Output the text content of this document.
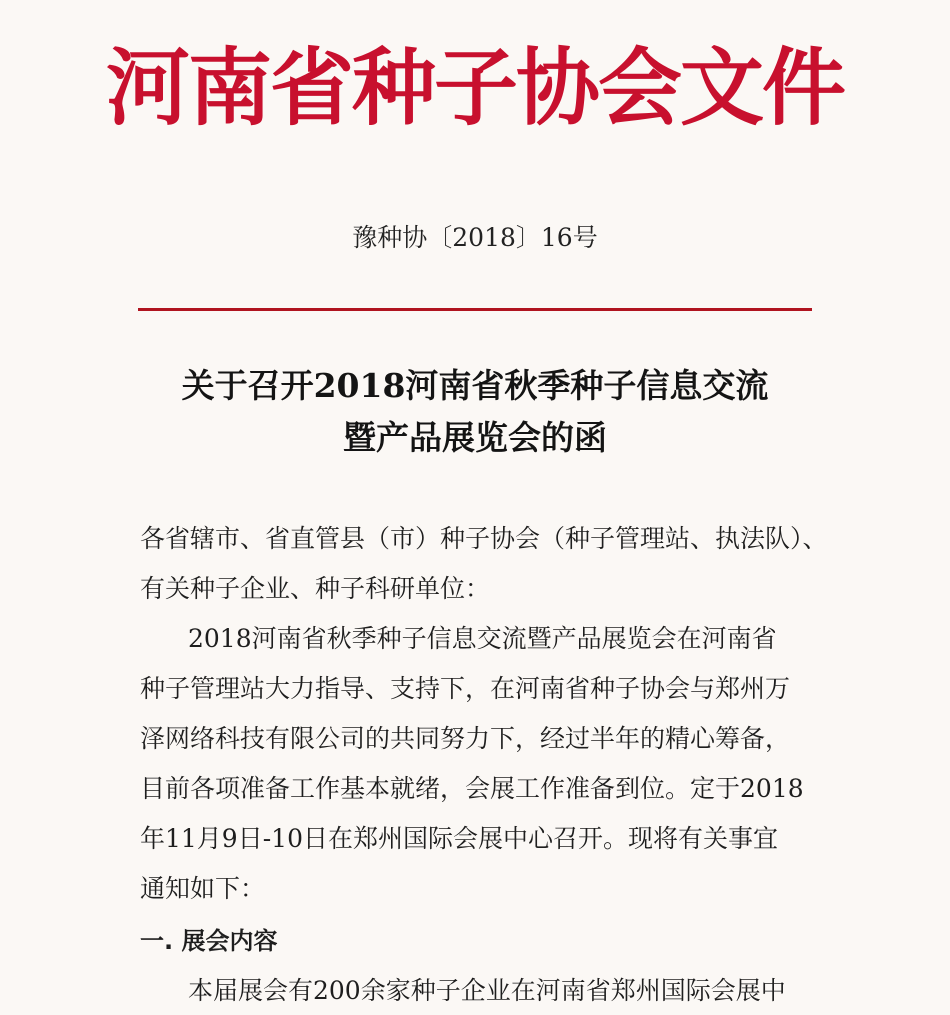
河南省种子协会文件
豫种协〔2018〕16号
关于召开2018河南省秋季种子信息交流
暨产品展览会的函
各省辖市、省直管县（市）种子协会（种子管理站、执法队）、
有关种子企业、种子科研单位：
2018河南省秋季种子信息交流暨产品展览会在河南省
种子管理站大力指导、支持下，在河南省种子协会与郑州万
泽网络科技有限公司的共同努力下，经过半年的精心筹备，
目前各项准备工作基本就绪，会展工作准备到位。定于2018
年11月9日-10日在郑州国际会展中心召开。现将有关事宜
通知如下：
一. 展会内容
本届展会有200余家种子企业在河南省郑州国际会展中
